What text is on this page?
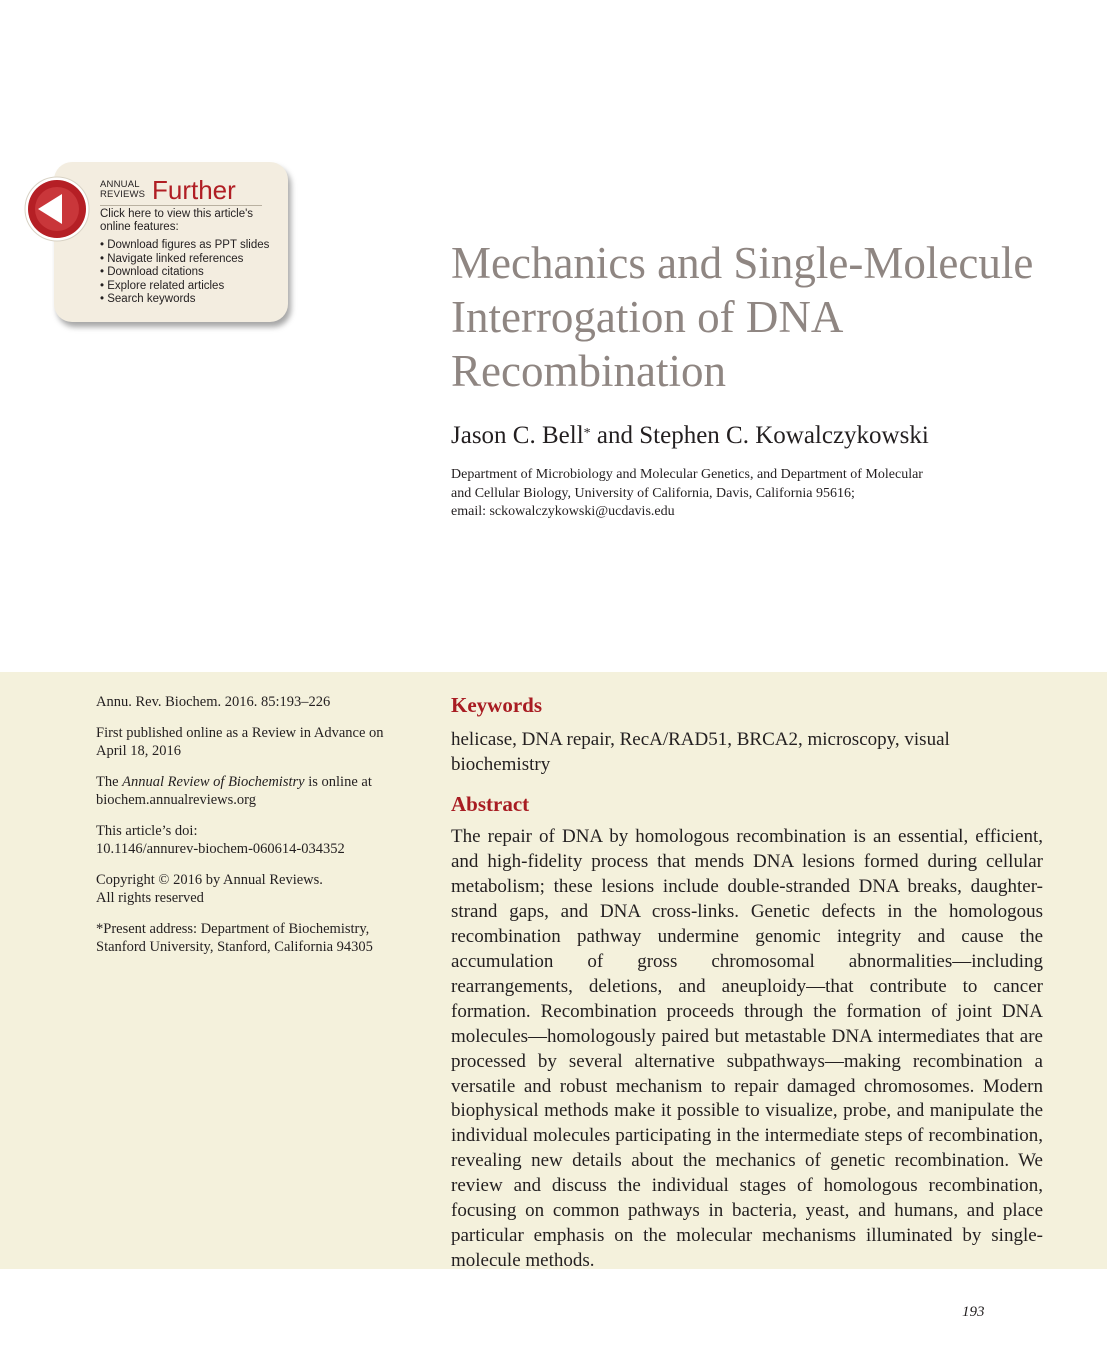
ANNUAL
REVIEWS Further
Click here to view this article's online features:
• Download figures as PPT slides
• Navigate linked references
• Download citations
• Explore related articles
• Search keywords
Mechanics and Single-Molecule
Interrogation of DNA
Recombination
Jason C. Bell* and Stephen C. Kowalczykowski
Department of Microbiology and Molecular Genetics, and Department of Molecular
and Cellular Biology, University of California, Davis, California 95616;
email: sckowalczykowski@ucdavis.edu

Annu. Rev. Biochem. 2016. 85:193–226

First published online as a Review in Advance on April 18, 2016

The Annual Review of Biochemistry is online at biochem.annualreviews.org

This article’s doi:
10.1146/annurev-biochem-060614-034352

Copyright © 2016 by Annual Reviews.
All rights reserved

*Present address: Department of Biochemistry, Stanford University, Stanford, California 94305

Keywords
helicase, DNA repair, RecA/RAD51, BRCA2, microscopy, visual biochemistry
Abstract
The repair of DNA by homologous recombination is an essential, efficient, and high-fidelity process that mends DNA lesions formed during cellular metabolism; these lesions include double-stranded DNA breaks, daughter-strand gaps, and DNA cross-links. Genetic defects in the homologous recombination pathway undermine genomic integrity and cause the accumulation of gross chromosomal abnormalities—including rearrangements, deletions, and aneuploidy—that contribute to cancer formation. Recombination proceeds through the formation of joint DNA molecules—homologously paired but metastable DNA intermediates that are processed by several alternative subpathways—making recombination a versatile and robust mechanism to repair damaged chromosomes. Modern biophysical methods make it possible to visualize, probe, and manipulate the individual molecules participating in the intermediate steps of recombination, revealing new details about the mechanics of genetic recombination. We review and discuss the individual stages of homologous recombination, focusing on common pathways in bacteria, yeast, and humans, and place particular emphasis on the molecular mechanisms illuminated by single-molecule methods.
193
